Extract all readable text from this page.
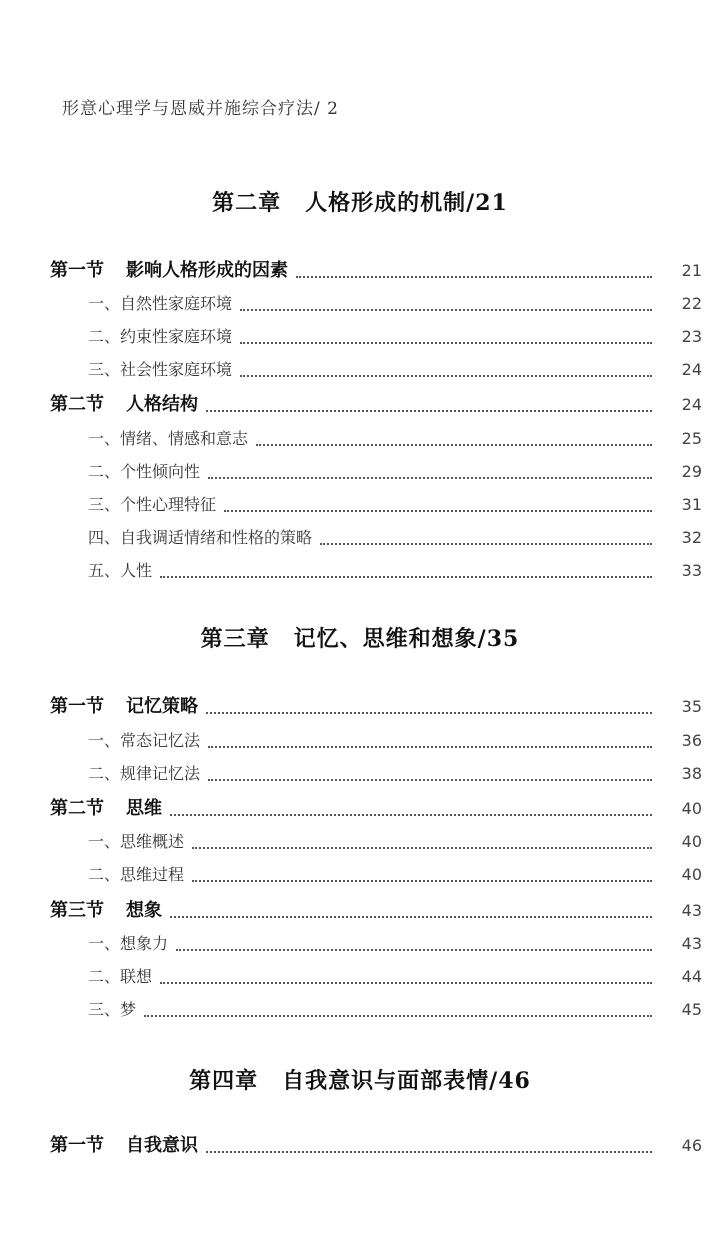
形意心理学与恩威并施综合疗法/ 2
第二章 人格形成的机制/21
第一节 影响人格形成的因素	21
一、自然性家庭环境	22
二、约束性家庭环境	23
三、社会性家庭环境	24
第二节 人格结构	24
一、情绪、情感和意志	25
二、个性倾向性	29
三、个性心理特征	31
四、自我调适情绪和性格的策略	32
五、人性	33
第三章 记忆、思维和想象/35
第一节 记忆策略	35
一、常态记忆法	36
二、规律记忆法	38
第二节 思维	40
一、思维概述	40
二、思维过程	40
第三节 想象	43
一、想象力	43
二、联想	44
三、梦	45
第四章 自我意识与面部表情/46
第一节 自我意识	46
